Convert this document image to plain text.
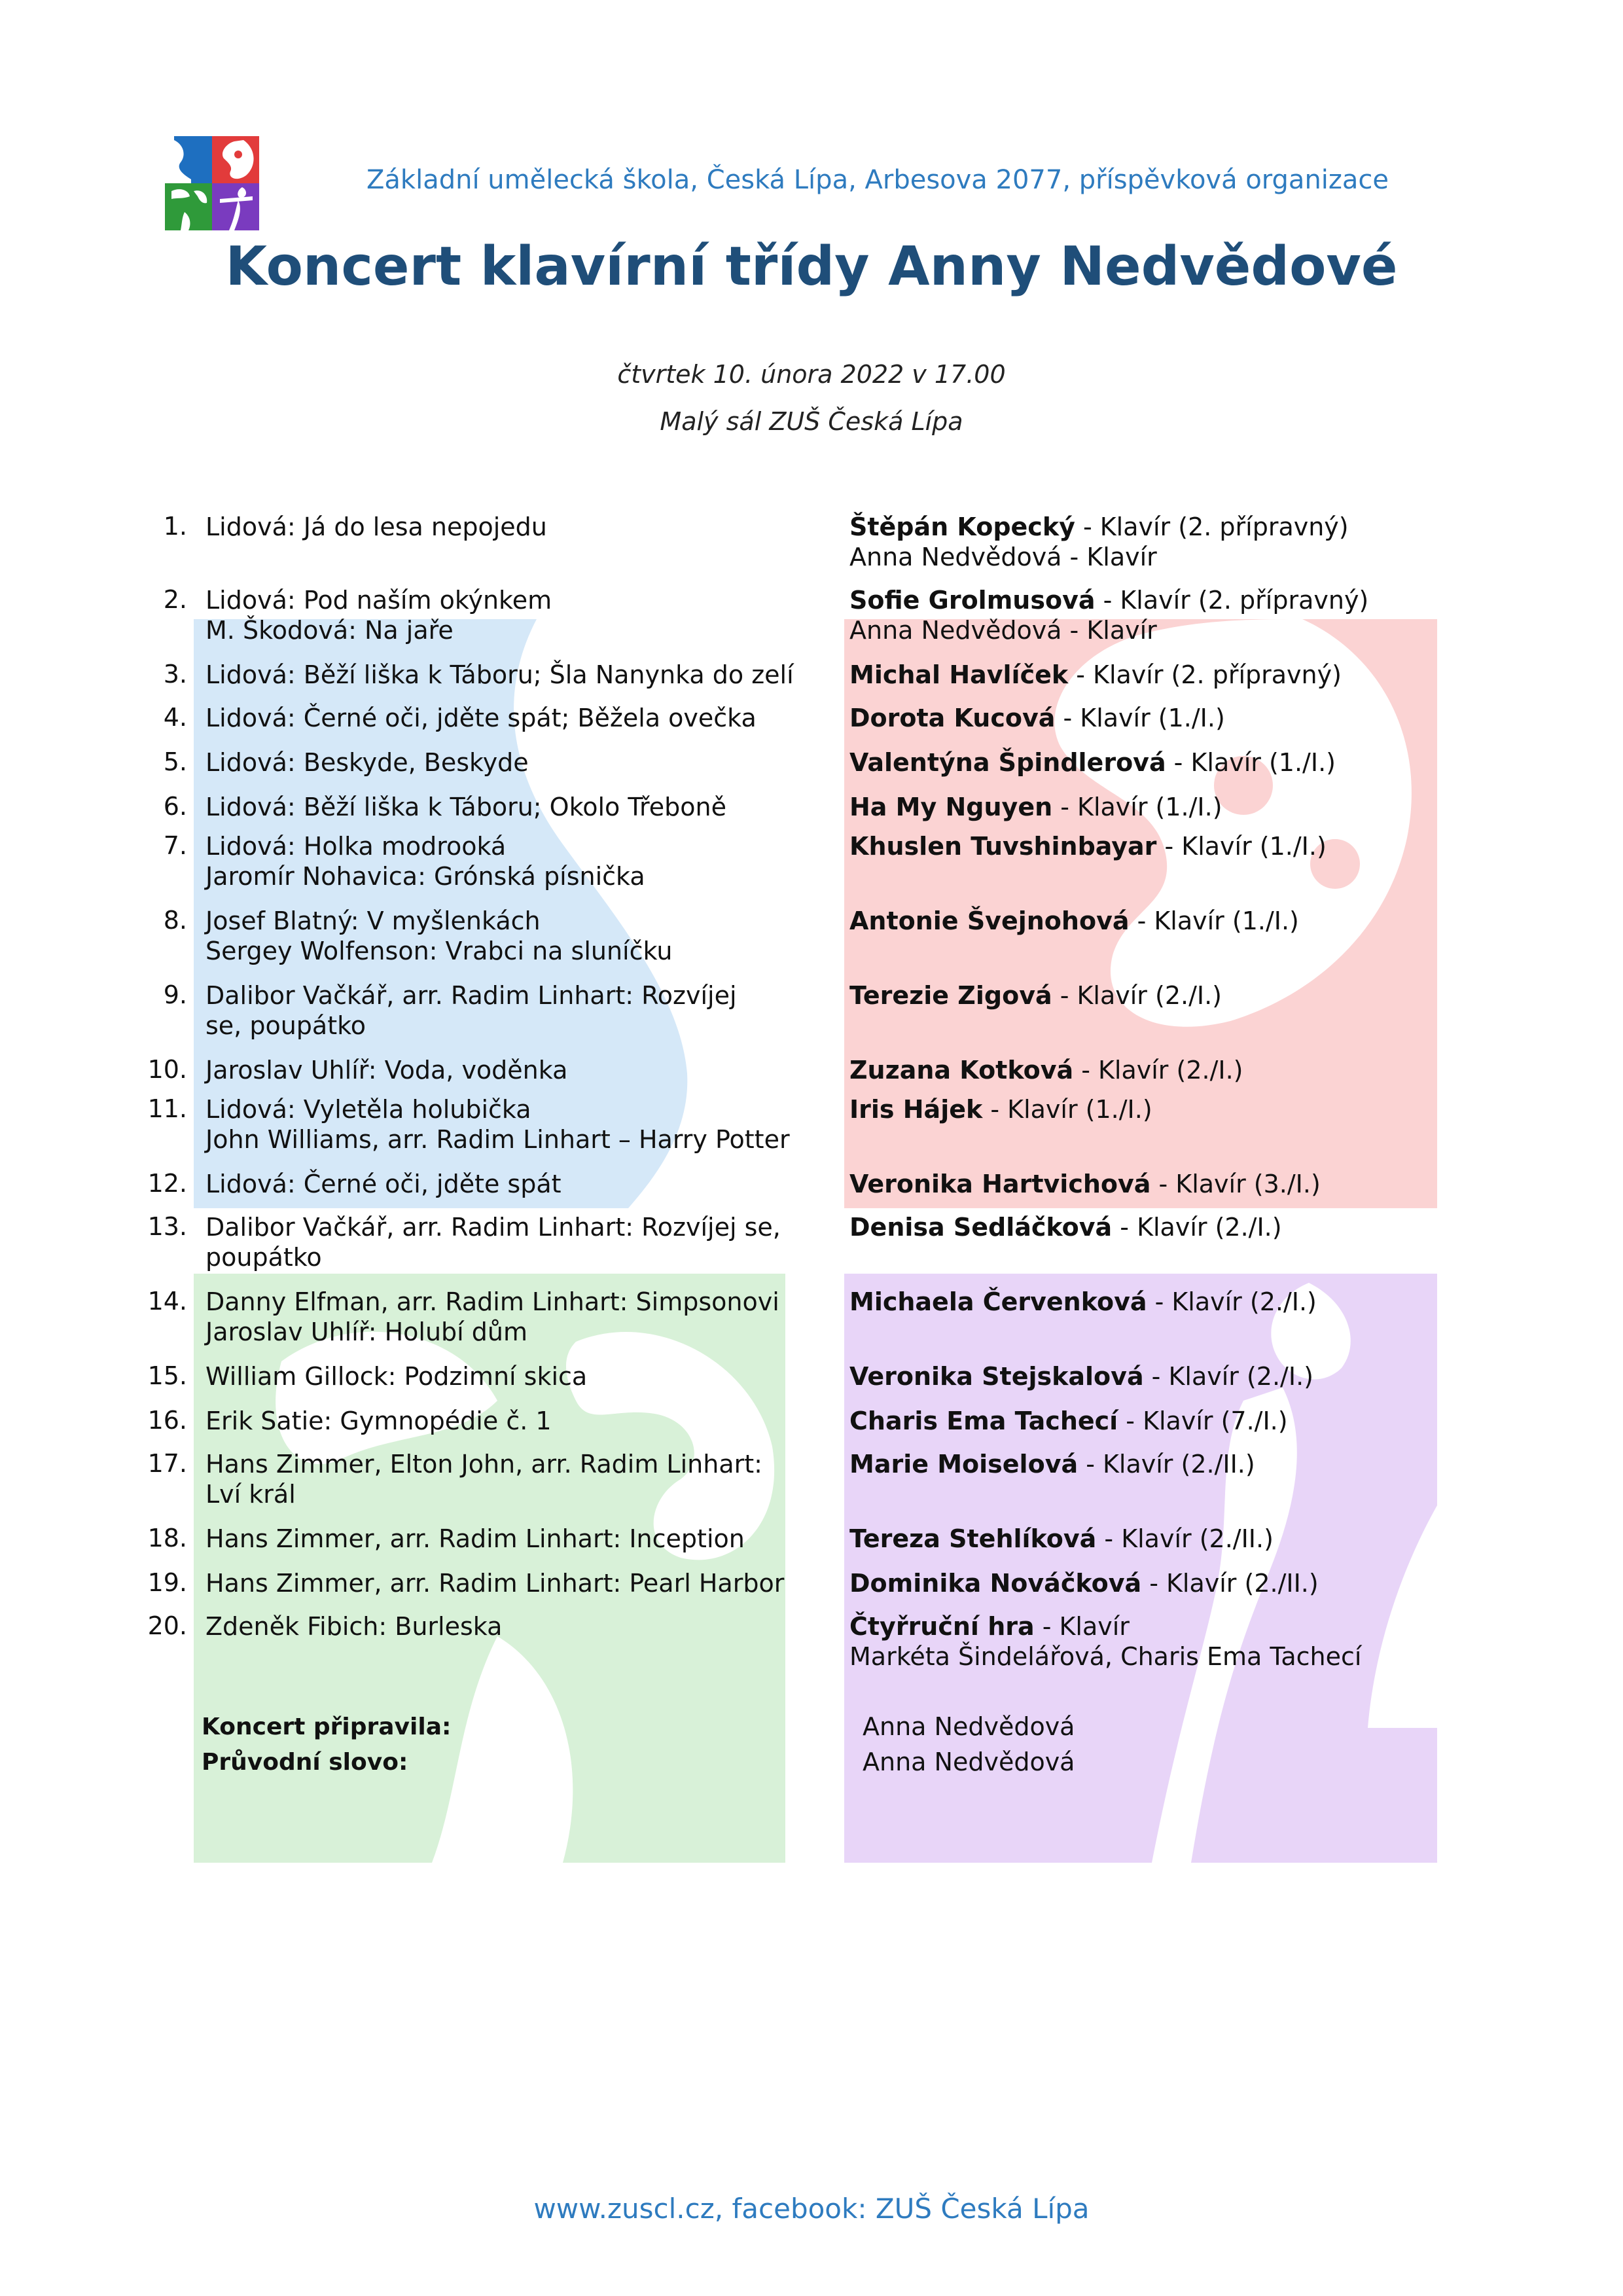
Základní umělecká škola, Česká Lípa, Arbesova 2077, příspěvková organizace
Koncert klavírní třídy Anny Nedvědové
čtvrtek 10. února 2022 v 17.00
Malý sál ZUŠ Česká Lípa
1. Lidová: Já do lesa nepojedu	Štěpán Kopecký - Klavír (2. přípravný)
Anna Nedvědová - Klavír
2. Lidová: Pod naším okýnkem
M. Škodová: Na jaře
Sofie Grolmusová - Klavír (2. přípravný)
Anna Nedvědová - Klavír
3. Lidová: Běží liška k Táboru; Šla Nanynka do zelí Michal Havlíček - Klavír (2. přípravný)
4. Lidová: Černé oči, jděte spát; Běžela ovečka	Dorota Kucová - Klavír (1./I.)
5. Lidová: Beskyde, Beskyde	Valentýna Špindlerová - Klavír (1./I.)
6. Lidová: Běží liška k Táboru; Okolo Třeboně	Ha My Nguyen - Klavír (1./I.)
7. Lidová: Holka modrooká
Jaromír Nohavica: Grónská písnička
Khuslen Tuvshinbayar - Klavír (1./I.)
8. Josef Blatný: V myšlenkách
Sergey Wolfenson: Vrabci na sluníčku
Antonie Švejnohová - Klavír (1./I.)
9. Dalibor Vačkář, arr. Radim Linhart: Rozvíjej se, poupátko
Terezie Zigová - Klavír (2./I.)
10. Jaroslav Uhlíř: Voda, voděnka	Zuzana Kotková - Klavír (2./I.)
11. Lidová: Vyletěla holubička
John Williams, arr. Radim Linhart – Harry Potter
Iris Hájek - Klavír (1./I.)
12. Lidová: Černé oči, jděte spát	Veronika Hartvichová - Klavír (3./I.)
13. Dalibor Vačkář, arr. Radim Linhart: Rozvíjej se, poupátko
Denisa Sedláčková - Klavír (2./I.)
14. Danny Elfman, arr. Radim Linhart: Simpsonovi
Jaroslav Uhlíř: Holubí dům
Michaela Červenková - Klavír (2./I.)
15. William Gillock: Podzimní skica	Veronika Stejskalová - Klavír (2./I.)
16. Erik Satie: Gymnopédie č. 1	Charis Ema Tachecí - Klavír (7./I.)
17. Hans Zimmer, Elton John, arr. Radim Linhart: Lví král
Marie Moiselová - Klavír (2./II.)
18. Hans Zimmer, arr. Radim Linhart: Inception	Tereza Stehlíková - Klavír (2./II.)
19. Hans Zimmer, arr. Radim Linhart: Pearl Harbor	Dominika Nováčková - Klavír (2./II.)
20. Zdeněk Fibich: Burleska	Čtyřruční hra - Klavír
Markéta Šindelářová, Charis Ema Tachecí
Koncert připravila:	Anna Nedvědová
Průvodní slovo:	Anna Nedvědová
www.zuscl.cz, facebook: ZUŠ Česká Lípa
